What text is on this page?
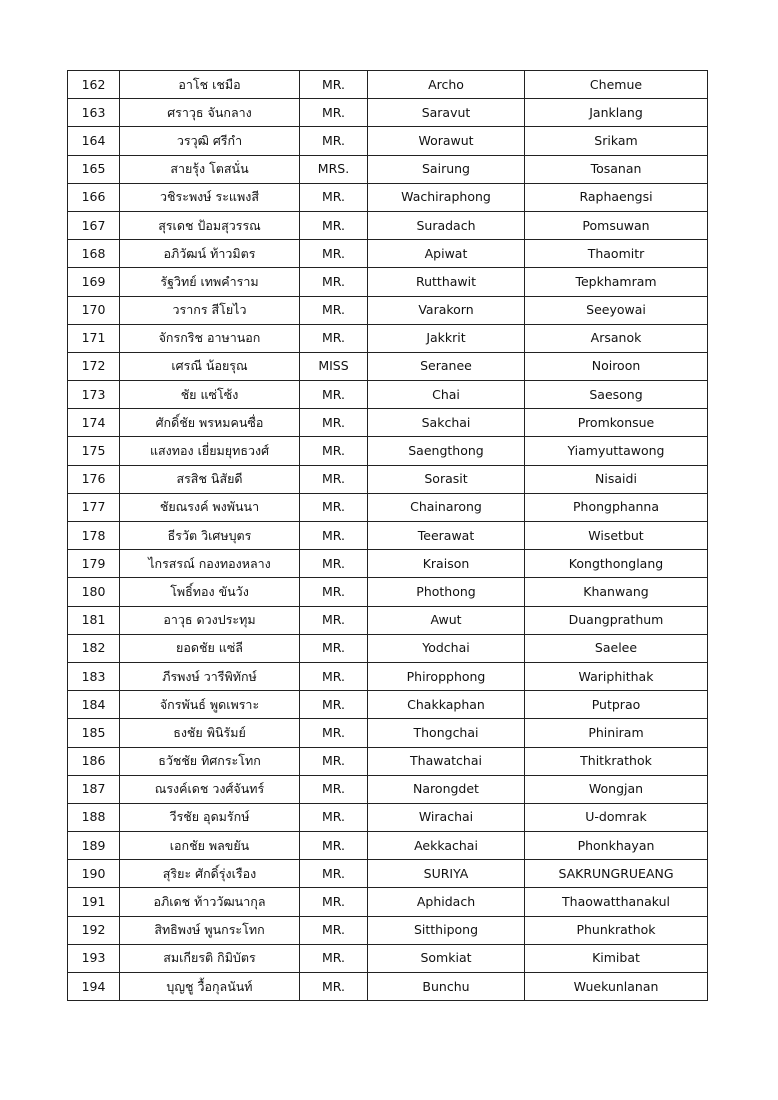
162	อาโช เชมือ	MR.	Archo	Chemue
163	ศราวุธ จันกลาง	MR.	Saravut	Janklang
164	วรวุฒิ ศรีกำ	MR.	Worawut	Srikam
165	สายรุ้ง โตสนั่น	MRS.	Sairung	Tosanan
166	วชิระพงษ์ ระแพงสี	MR.	Wachiraphong	Raphaengsi
167	สุรเดช ป้อมสุวรรณ	MR.	Suradach	Pomsuwan
168	อภิวัฒน์ ท้าวมิตร	MR.	Apiwat	Thaomitr
169	รัฐวิทย์ เทพคำราม	MR.	Rutthawit	Tepkhamram
170	วรากร สีโยไว	MR.	Varakorn	Seeyowai
171	จักรกริช อาษานอก	MR.	Jakkrit	Arsanok
172	เศรณี น้อยรุณ	MISS	Seranee	Noiroon
173	ชัย แซ่โซ้ง	MR.	Chai	Saesong
174	ศักดิ์ชัย พรหมคนซื่อ	MR.	Sakchai	Promkonsue
175	แสงทอง เยี่ยมยุทธวงศ์	MR.	Saengthong	Yiamyuttawong
176	สรสิช นิสัยดี	MR.	Sorasit	Nisaidi
177	ชัยณรงค์ พงพันนา	MR.	Chainarong	Phongphanna
178	ธีรวัต วิเศษบุตร	MR.	Teerawat	Wisetbut
179	ไกรสรณ์ กองทองหลาง	MR.	Kraison	Kongthonglang
180	โพธิ์ทอง ขันวัง	MR.	Phothong	Khanwang
181	อาวุธ ดวงประทุม	MR.	Awut	Duangprathum
182	ยอดชัย แซ่ลี	MR.	Yodchai	Saelee
183	ภีรพงษ์ วารีพิทักษ์	MR.	Phiropphong	Wariphithak
184	จักรพันธ์ พูดเพราะ	MR.	Chakkaphan	Putprao
185	ธงชัย พินิรัมย์	MR.	Thongchai	Phiniram
186	ธวัชชัย ทิศกระโทก	MR.	Thawatchai	Thitkrathok
187	ณรงค์เดช วงศ์จันทร์	MR.	Narongdet	Wongjan
188	วีรชัย อุดมรักษ์	MR.	Wirachai	U-domrak
189	เอกชัย พลขยัน	MR.	Aekkachai	Phonkhayan
190	สุริยะ ศักดิ์รุ่งเรือง	MR.	SURIYA	SAKRUNGRUEANG
191	อภิเดช ท้าววัฒนากุล	MR.	Aphidach	Thaowatthanakul
192	สิทธิพงษ์ พูนกระโทก	MR.	Sitthipong	Phunkrathok
193	สมเกียรติ กิมิบัตร	MR.	Somkiat	Kimibat
194	บุญชู วื้อกุลนันท์	MR.	Bunchu	Wuekunlanan
